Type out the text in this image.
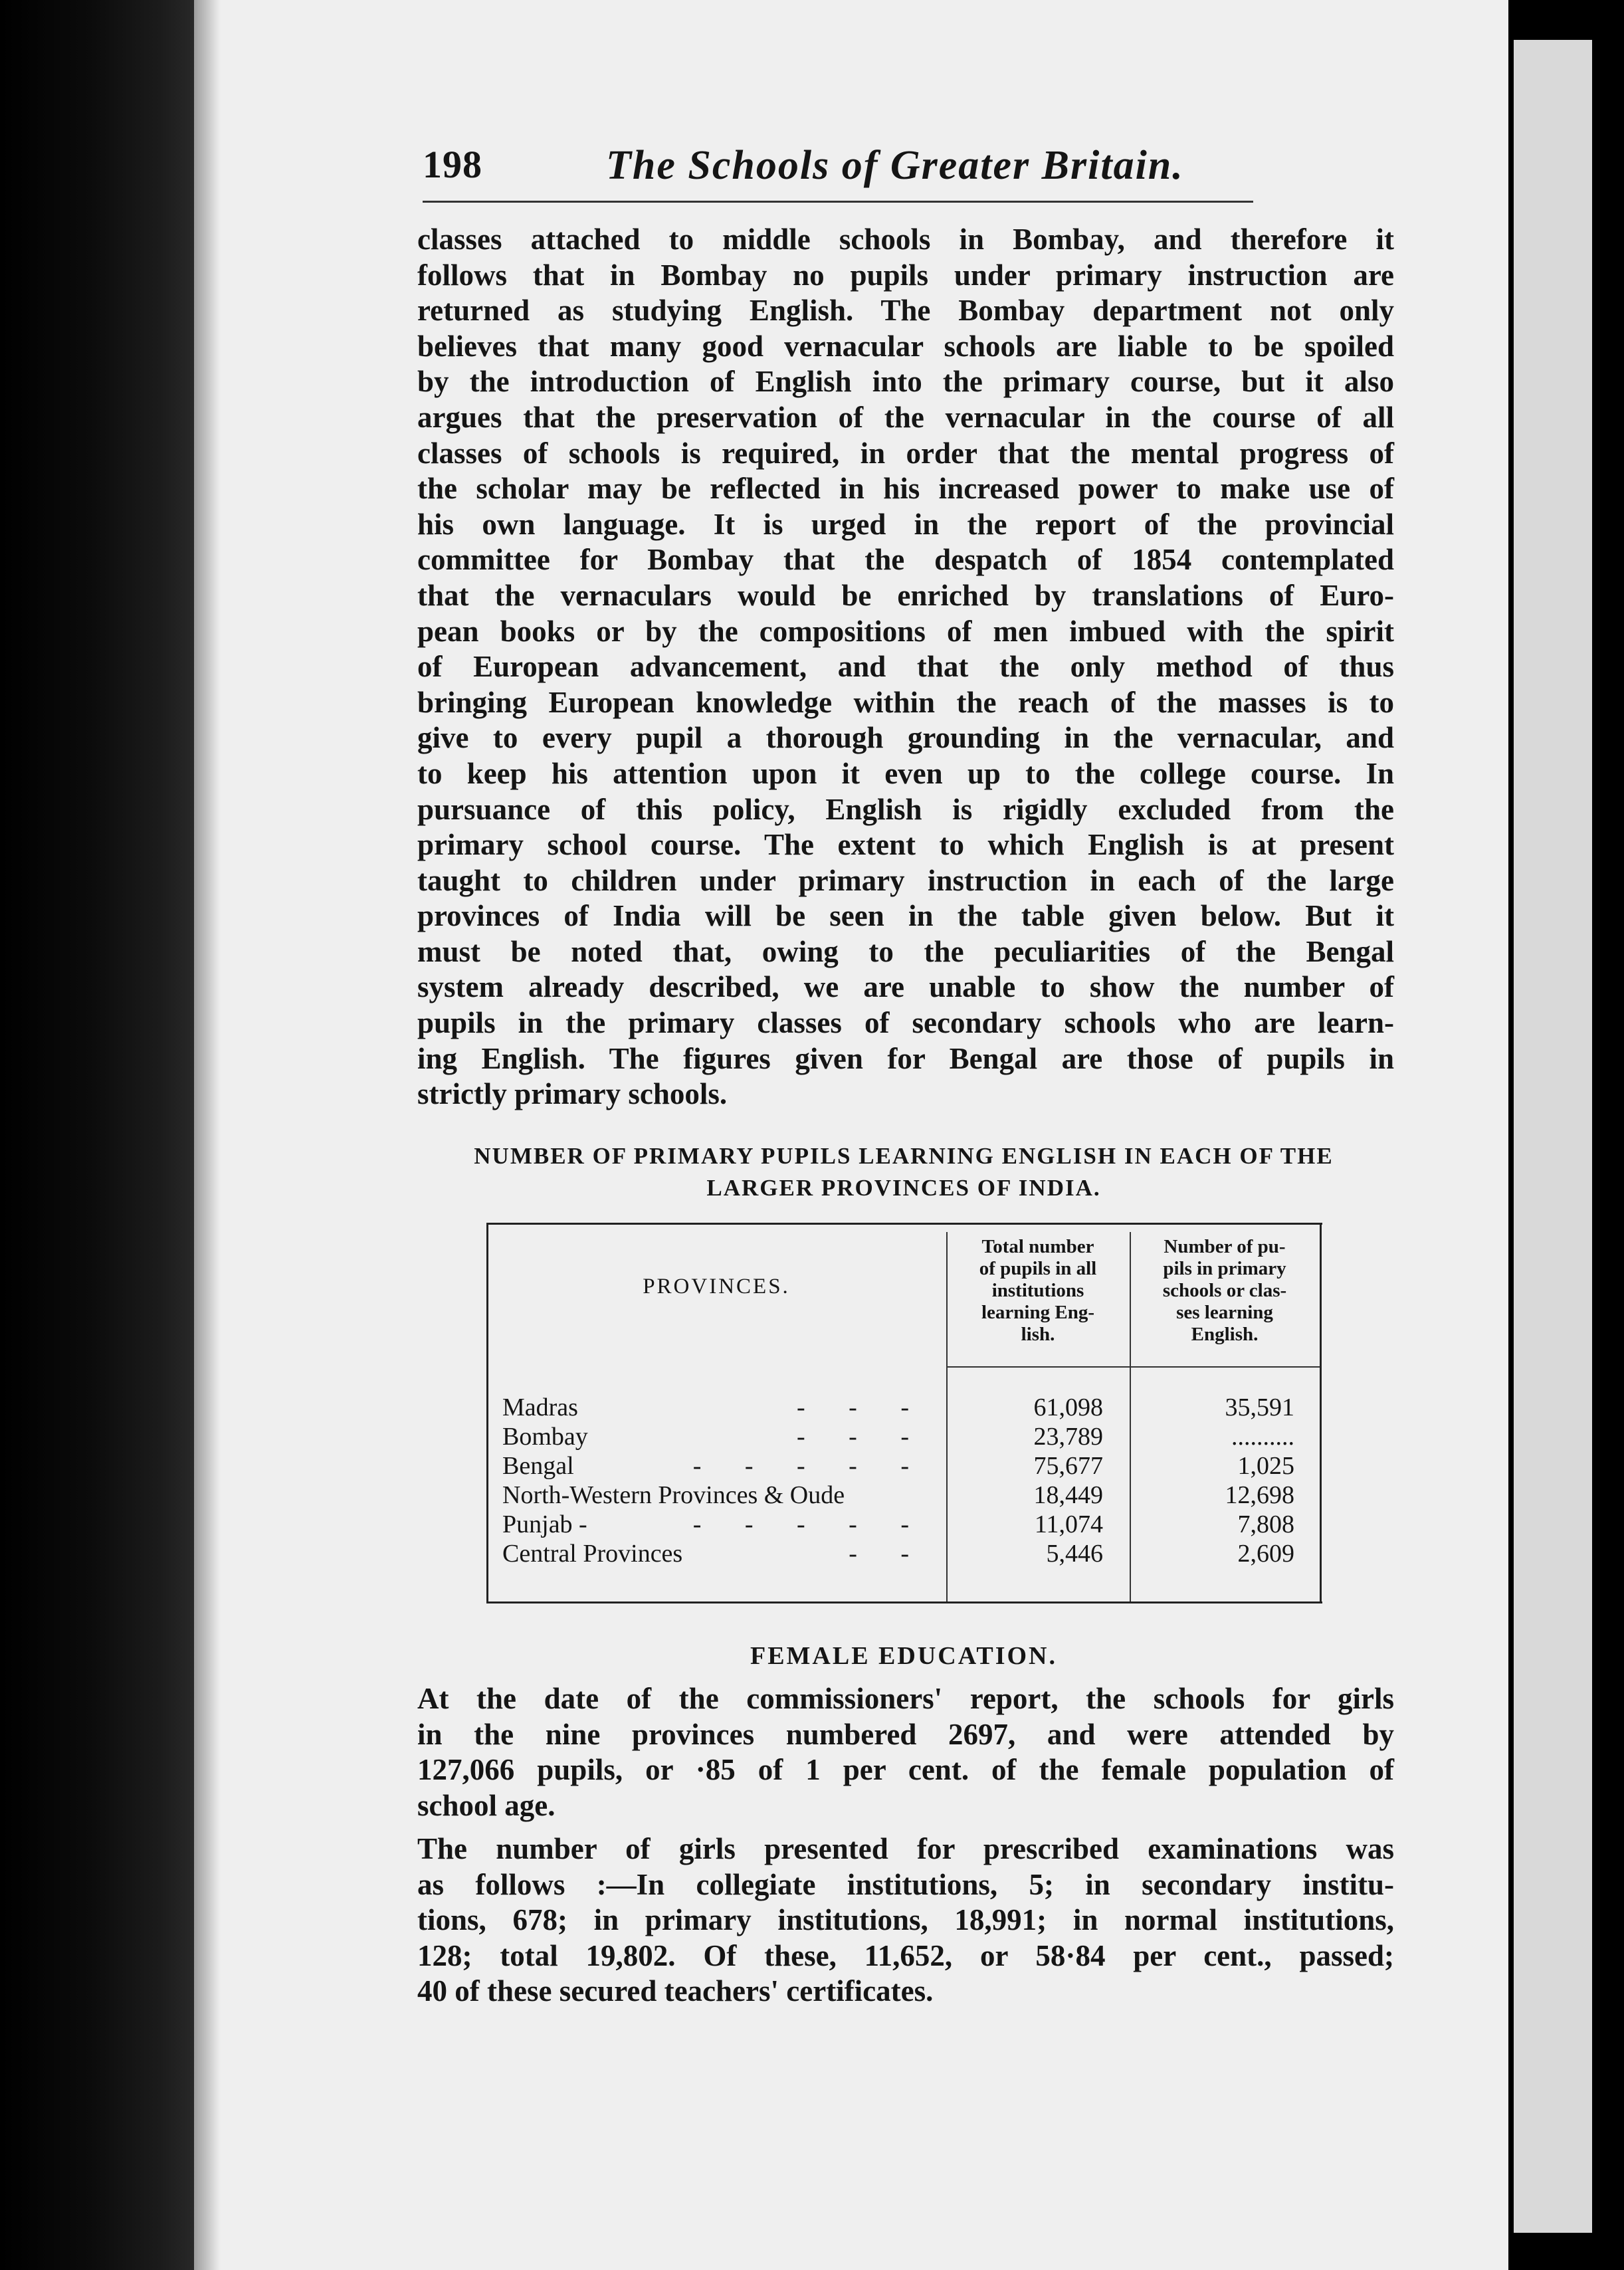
198	The Schools of Greater Britain.
classes attached to middle schools in Bombay, and therefore it
follows that in Bombay no pupils under primary instruction are
returned as studying English. The Bombay department not only
believes that many good vernacular schools are liable to be spoiled
by the introduction of English into the primary course, but it also
argues that the preservation of the vernacular in the course of all
classes of schools is required, in order that the mental progress of
the scholar may be reflected in his increased power to make use of
his own language. It is urged in the report of the provincial
committee for Bombay that the despatch of 1854 contemplated
that the vernaculars would be enriched by translations of Euro-
pean books or by the compositions of men imbued with the spirit
of European advancement, and that the only method of thus
bringing European knowledge within the reach of the masses is to
give to every pupil a thorough grounding in the vernacular, and
to keep his attention upon it even up to the college course. In
pursuance of this policy, English is rigidly excluded from the
primary school course. The extent to which English is at present
taught to children under primary instruction in each of the large
provinces of India will be seen in the table given below. But it
must be noted that, owing to the peculiarities of the Bengal
system already described, we are unable to show the number of
pupils in the primary classes of secondary schools who are learn-
ing English. The figures given for Bengal are those of pupils in
strictly primary schools.
NUMBER OF PRIMARY PUPILS LEARNING ENGLISH IN EACH OF THE
LARGER PROVINCES OF INDIA.
PROVINCES.
Total number
of pupils in all
institutions
learning Eng-
lish.
Number of pu-
pils in primary
schools or clas-
ses learning
English.
Madras	- - -	61,098	35,591
Bombay	- - -	23,789	..........
Bengal	- - - - -	75,677	1,025
North-Western Provinces & Oude	18,449	12,698
Punjab -	- - - - -	11,074	7,808
Central Provinces	- -	5,446	2,609
FEMALE EDUCATION.
At the date of the commissioners' report, the schools for girls
in the nine provinces numbered 2697, and were attended by
127,066 pupils, or ·85 of 1 per cent. of the female population of
school age.
The number of girls presented for prescribed examinations was
as follows :—In collegiate institutions, 5; in secondary institu-
tions, 678; in primary institutions, 18,991; in normal institutions,
128; total 19,802. Of these, 11,652, or 58·84 per cent., passed;
40 of these secured teachers' certificates.
